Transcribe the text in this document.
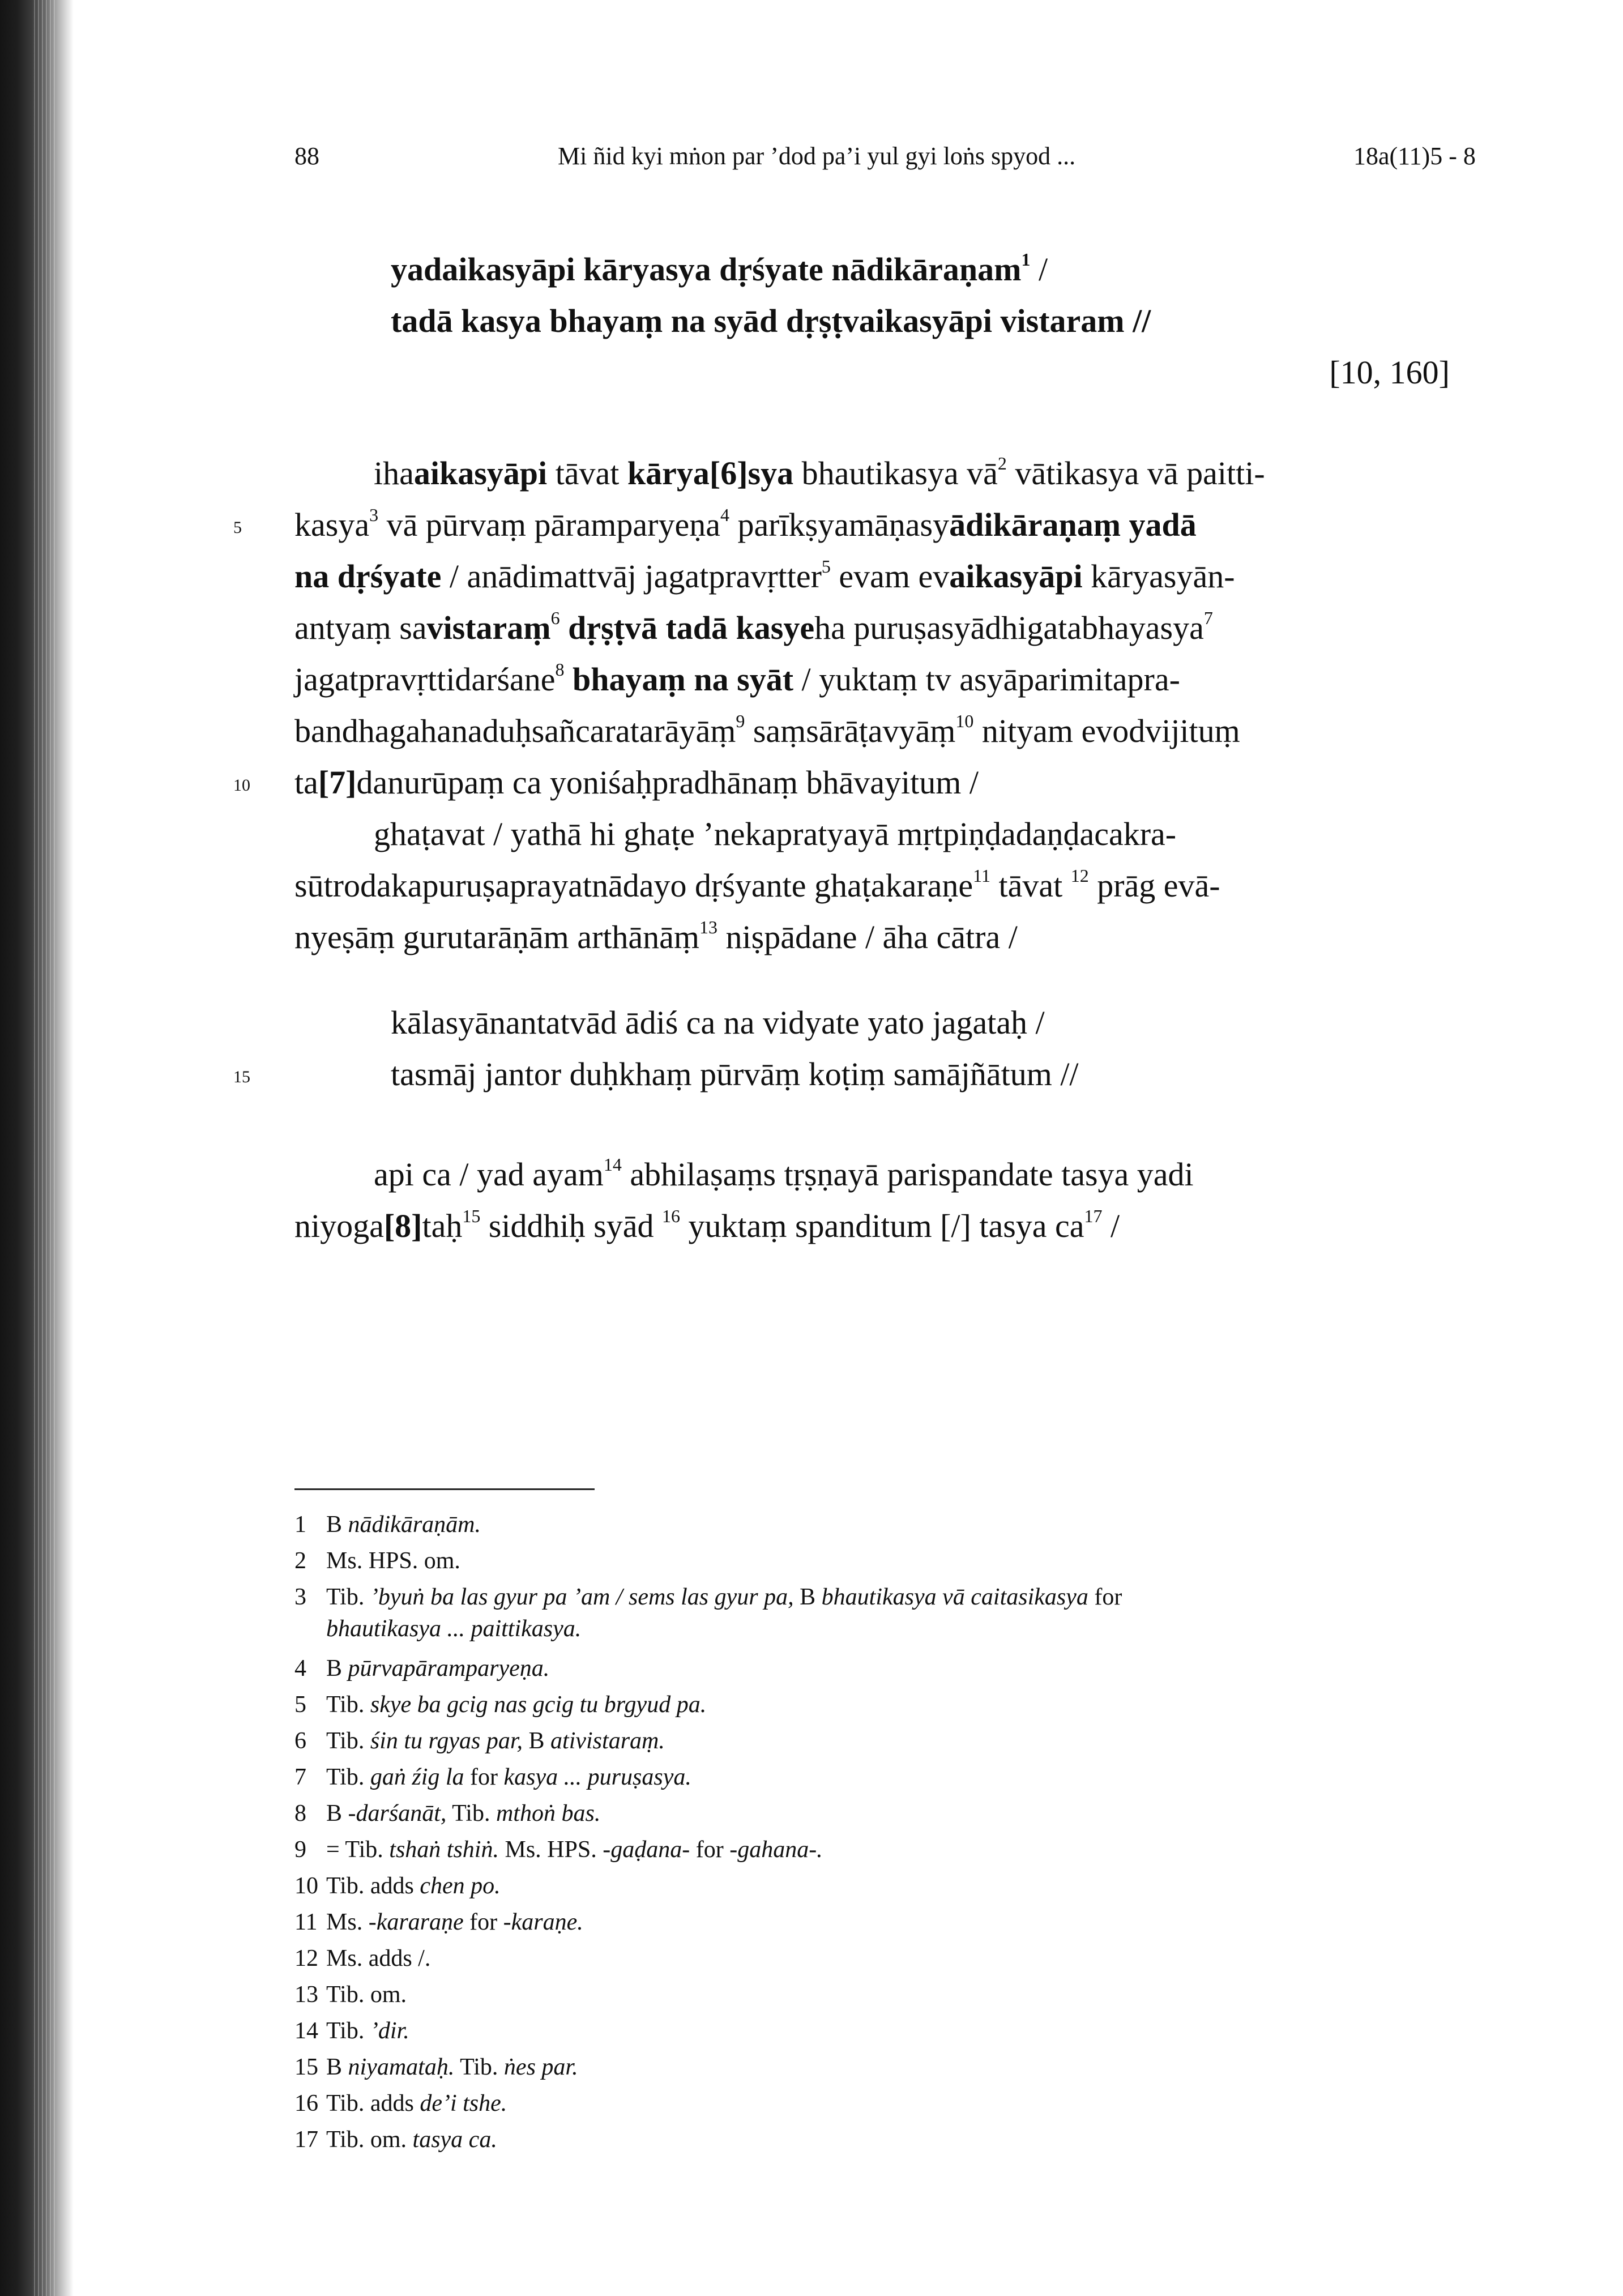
88	Mi ñid kyi mṅon par ’dod pa’i yul gyi loṅs spyod ...	18a(11)5 - 8
yadaikasyāpi kāryasya dṛśyate nādikāraṇam$^1$ /
tadā kasya bhayaṃ na syād dṛṣṭvaikasyāpi vistaram //
[10, 160]
ihaaikasyāpi tāvat kārya[6]sya bhautikasya $vā^2$ vātikasya vā paitti-
kasya$^3$ vā pūrvaṃ pāramparyeṇa$^4$ parīkṣyamāṇasyādikāraṇaṃ yadā
na dṛśyate / anādimattvāj jagatpravṛtter$^5$ evam evaikasyāpi kāryasyān-
antyaṃ savistaraṃ$^6$ dṛṣṭvā tadā kasyeha puruṣasyādhigatabhayasya$^7$
jagatpravṛttidarśane$^8$ bhayaṃ na syāt / yuktaṃ tv asyāparimitapra-
bandhagahanaduḥsañcaratarāyāṃ$^9$ saṃsārāṭavyāṃ$^{10}$ nityam evodvijituṃ
ta[7]danurūpaṃ ca yoniśaḥpradhānaṃ bhāvayitum /
ghaṭavat / yathā hi ghaṭe ’nekapratyayā mṛtpiṇḍadaṇḍacakra-
sūtrodakapuruṣaprayatnādayo dṛśyante ghaṭakaraṇe$^{11}$ tāvat $^{12}$ prāg evā-
nyeṣāṃ gurutarāṇām arthānāṃ$^{13}$ niṣpādane / āha cātra /
kālasyānantatvād ādiś ca na vidyate yato jagataḥ /
tasmāj jantor duḥkhaṃ pūrvāṃ koṭiṃ samājñātum //
api ca / yad ayam$^{14}$ abhilaṣaṃs tṛṣṇayā parispandate tasya yadi
niyoga[8]taḥ$^{15}$ siddhiḥ syād $^{16}$ yuktaṃ spanditum [/] tasya $ca^{17}$ /
5
10
15
1 B nādikāraṇām.
2 Ms. HPS. om.
3 Tib. ’byuṅ ba las gyur pa ’am / sems las gyur pa, B bhautikasya vā caitasikasya for
bhautikasya ... paittikasya.
4 B pūrvapāramparyeṇa.
5 Tib. skye ba gcig nas gcig tu brgyud pa.
6 Tib. śin tu rgyas par, B ativistaraṃ.
7 Tib. gaṅ źig la for kasya ... puruṣasya.
8 B -darśanāt, Tib. mthoṅ bas.
9 = Tib. tshaṅ tshiṅ. Ms. HPS. -gaḍana- for -gahana-.
10 Tib. adds chen po.
11 Ms. -kararaṇe for -karaṇe.
12 Ms. adds /.
13 Tib. om.
14 Tib. ’dir.
15 B niyamataḥ. Tib. ṅes par.
16 Tib. adds de’i tshe.
17 Tib. om. tasya ca.
